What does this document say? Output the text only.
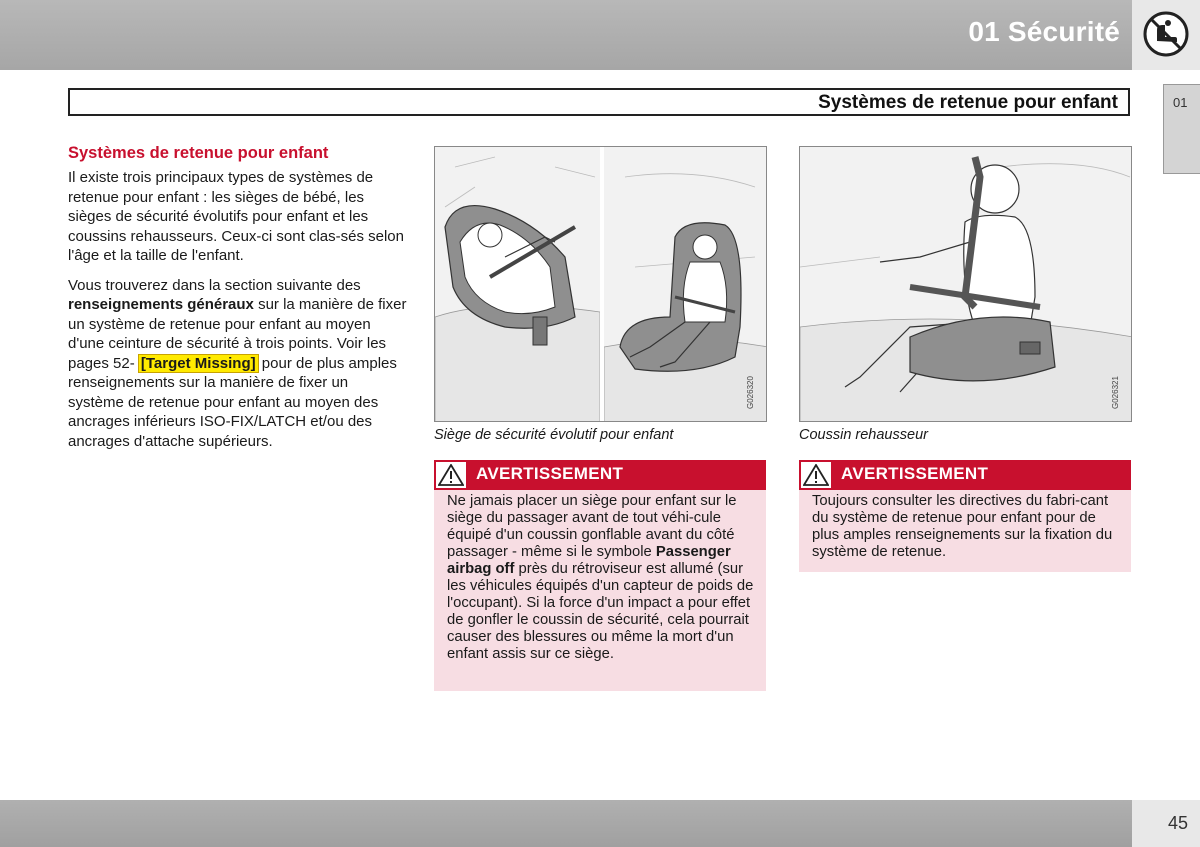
01 Sécurité
01
Systèmes de retenue pour enfant
Systèmes de retenue pour enfant

Il existe trois principaux types de systèmes de retenue pour enfant : les sièges de bébé, les sièges de sécurité évolutifs pour enfant et les coussins rehausseurs. Ceux-ci sont clas-sés selon l'âge et la taille de l'enfant.

Vous trouverez dans la section suivante des renseignements généraux sur la manière de fixer un système de retenue pour enfant au moyen d'une ceinture de sécurité à trois points. Voir les pages 52- [Target Missing] pour de plus amples renseignements sur la manière de fixer un système de retenue pour enfant au moyen des ancrages inférieurs ISO-FIX/LATCH et/ou des ancrages d'attache supérieurs.

G026320
Siège de sécurité évolutif pour enfant
G026321
Coussin rehausseur
AVERTISSEMENT

Ne jamais placer un siège pour enfant sur le siège du passager avant de tout véhi-cule équipé d'un coussin gonflable avant du côté passager - même si le symbole Passenger airbag off près du rétroviseur est allumé (sur les véhicules équipés d'un capteur de poids de l'occupant). Si la force d'un impact a pour effet de gonfler le coussin de sécurité, cela pourrait causer des blessures ou même la mort d'un enfant assis sur ce siège.

AVERTISSEMENT

Toujours consulter les directives du fabri-cant du système de retenue pour enfant pour de plus amples renseignements sur la fixation du système de retenue.

45
